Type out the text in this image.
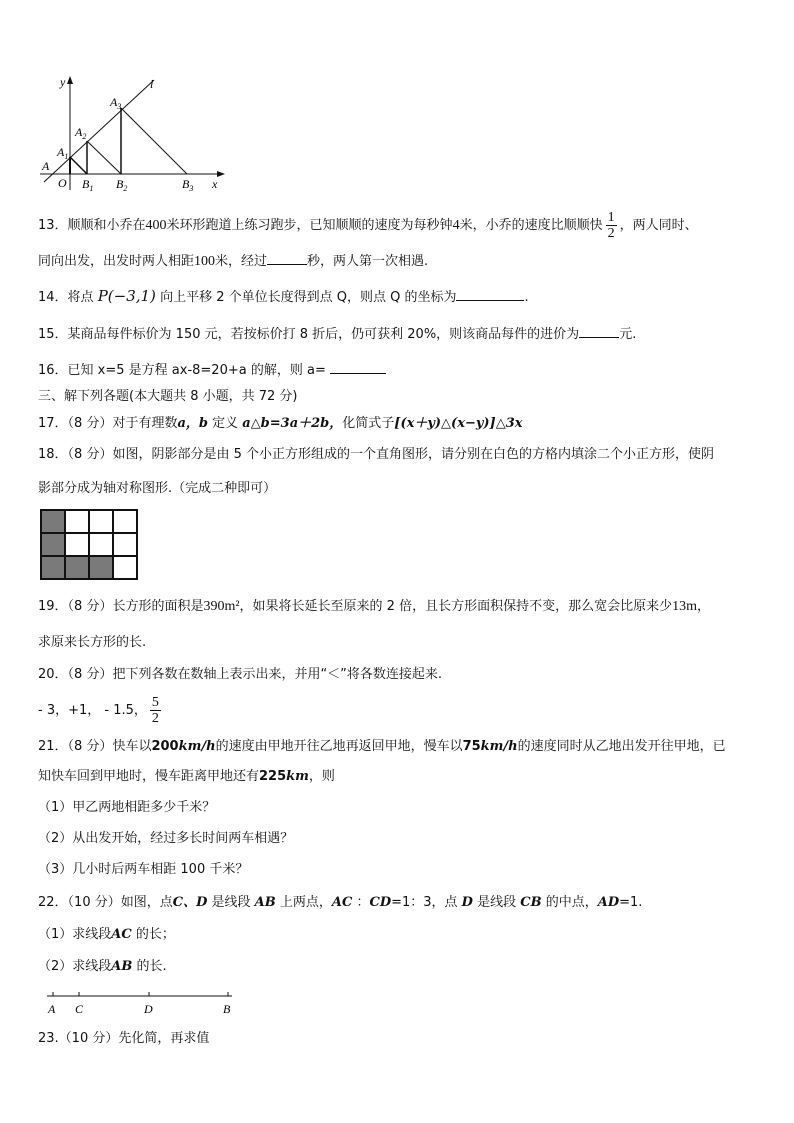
y
x
l
O
A
$A_1$
$A_2$
$A_3$
$B_1$ $B_2$	$B_3$
13．顺顺和小乔在400米环形跑道上练习跑步，已知顺顺的速度为每秒钟4米，小乔的速度比顺顺快 $\frac{1}{2}$ ，两人同时、
同向出发，出发时两人相距100米，经过	秒，两人第一次相遇.
14．将点 P(−3,1) 向上平移 2 个单位长度得到点 Q，则点 Q 的坐标为	.
15．某商品每件标价为 150 元，若按标价打 8 折后，仍可获利 20%，则该商品每件的进价为	元.
16．已知 x=5 是方程 ax-8=20+a 的解，则 a=
三、解下列各题(本大题共 8 小题，共 72 分)
17．（8 分）对于有理数a，b 定义 a△b=3a＋2b，化简式子[(x＋y)△(x−y)]△3x
18．（8 分）如图，阴影部分是由 5 个小正方形组成的一个直角图形，请分别在白色的方格内填涂二个小正方形，使阴
影部分成为轴对称图形.（完成二种即可）
19．（8 分）长方形的面积是390m²，如果将长延长至原来的 2 倍，且长方形面积保持不变，那么宽会比原来少13m，
求原来长方形的长.
20．（8 分）把下列各数在数轴上表示出来，并用“＜”将各数连接起来.
- 3，+1， - 1.5， $\frac{5}{2}$
21．（8 分）快车以200km/h的速度由甲地开往乙地再返回甲地，慢车以75km/h的速度同时从乙地出发开往甲地，已
知快车回到甲地时，慢车距离甲地还有225km，则
（1）甲乙两地相距多少千米？
（2）从出发开始，经过多长时间两车相遇？
（3）几小时后两车相距 100 千米？
22．（10 分）如图，点C、D 是线段 AB 上两点，AC ：CD=1：3，点 D 是线段 CB 的中点，AD=1.
（1）求线段AC 的长；
（2）求线段AB 的长.
A C	D	B
23.（10 分）先化简，再求值
